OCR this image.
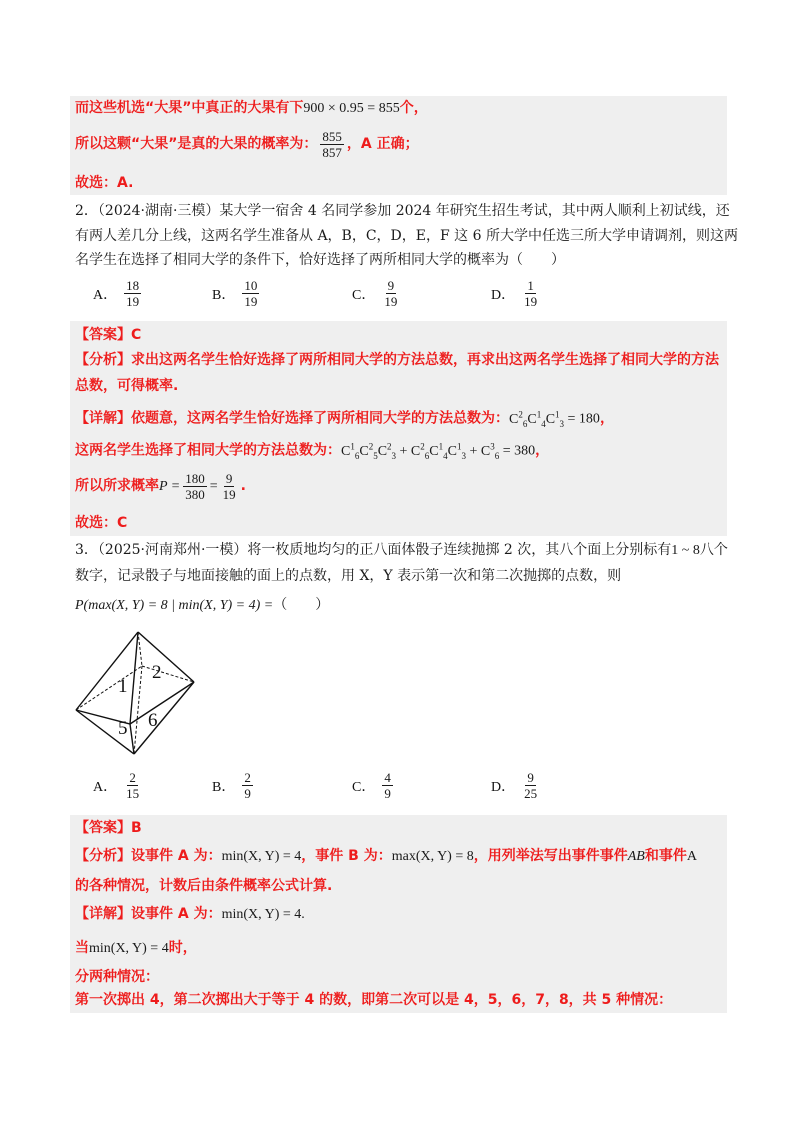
而这些机选“大果”中真正的大果有下900 × 0.95 = 855个，
所以这颗“大果”是真的大果的概率为： $\frac{855}{857}$ ，A 正确；
故选：A.
2．（2024·湖南·三模）某大学一宿舍 4 名同学参加 2024 年研究生招生考试，其中两人顺利上初试线，还
有两人差几分上线，这两名学生准备从 A，B，C，D，E，F 这 6 所大学中任选三所大学申请调剂，则这两
名学生在选择了相同大学的条件下，恰好选择了两所相同大学的概率为（　　）
A． $\frac{18}{19}$	B． $\frac{10}{19}$	C． $\frac{9}{19}$	D． $\frac{1}{19}$
【答案】C
【分析】求出这两名学生恰好选择了两所相同大学的方法总数，再求出这两名学生选择了相同大学的方法
总数，可得概率.
【详解】依题意，这两名学生恰好选择了两所相同大学的方法总数为：$C^2_6C^1_4C^1_3 = 180$，
这两名学生选择了相同大学的方法总数为：$C^1_6C^2_5C^2_3 + C^2_6C^1_4C^1_3 + C^3_6 = 380$，
所以所求概率$P = \frac{180}{380} = \frac{9}{19}$ .
故选：C
3．（2025·河南郑州·一模）将一枚质地均匀的正八面体骰子连续抛掷 2 次，其八个面上分别标有1 ~ 8八个
数字，记录骰子与地面接触的面上的点数，用 X，Y 表示第一次和第二次抛掷的点数，则
P(max(X, Y) = 8 | min(X, Y) = 4) =（　　）
1
2
5 6
A． $\frac{2}{15}$	B． $\frac{2}{9}$	C． $\frac{4}{9}$	D． $\frac{9}{25}$
【答案】B
【分析】设事件 A 为：min(X, Y) = 4，事件 B 为：max(X, Y) = 8，用列举法写出事件事件AB和事件A
的各种情况，计数后由条件概率公式计算.
【详解】设事件 A 为：min(X, Y) = 4.
当min(X, Y) = 4时，
分两种情况：
第一次掷出 4，第二次掷出大于等于 4 的数，即第二次可以是 4，5，6，7，8，共 5 种情况：
